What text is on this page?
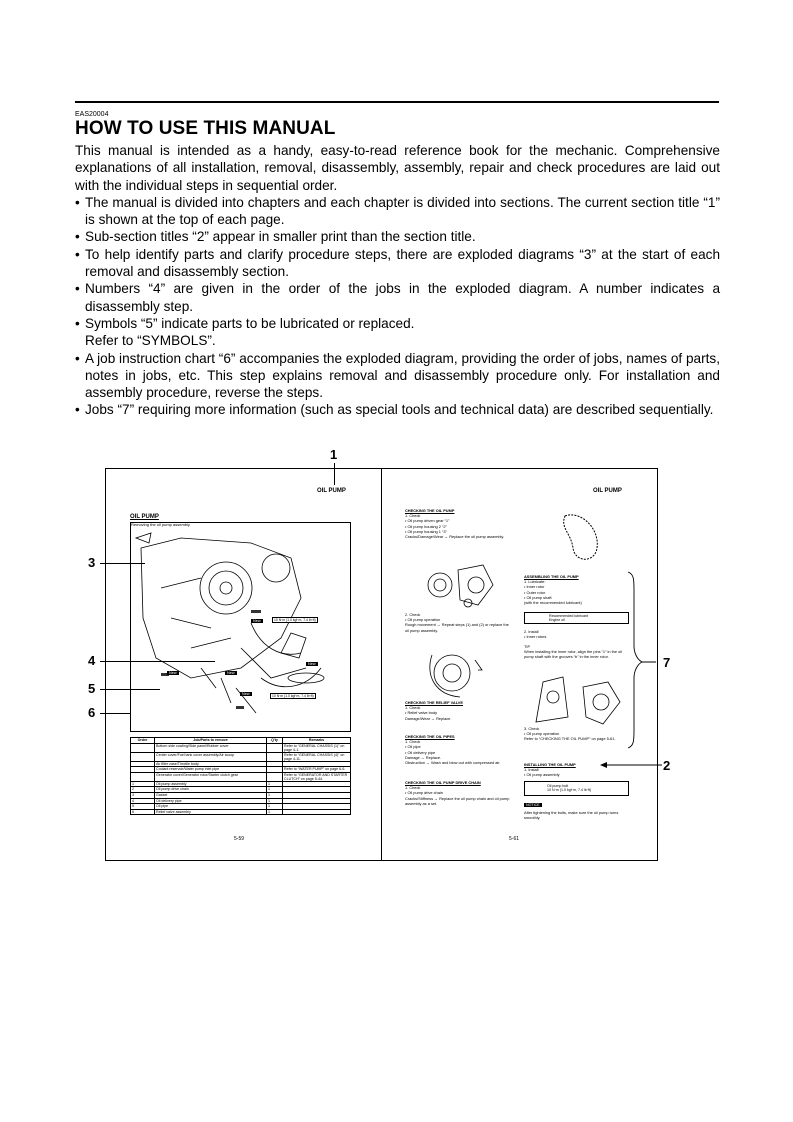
EAS20004
HOW TO USE THIS MANUAL

This manual is intended as a handy, easy-to-read reference book for the mechanic. Comprehensive explanations of all installation, removal, disassembly, assembly, repair and check procedures are laid out with the individual steps in sequential order.

• The manual is divided into chapters and each chapter is divided into sections. The current section title “1” is shown at the top of each page.

• Sub-section titles “2” appear in smaller print than the section title.

• To help identify parts and clarify procedure steps, there are exploded diagrams “3” at the start of each removal and disassembly section.

• Numbers “4” are given in the order of the jobs in the exploded diagram. A number indicates a disassembly step.

• Symbols “5” indicate parts to be lubricated or replaced.

Refer to “SYMBOLS”.

• A job instruction chart “6” accompanies the exploded diagram, providing the order of jobs, names of parts, notes in jobs, etc. This step explains removal and disassembly procedure only. For installation and assembly procedure, reverse the steps.

• Jobs “7” requiring more information (such as special tools and technical data) are described sequentially.

1
OIL PUMP
OIL PUMP
Removing the oil pump assembly
New
New	New
New
New
10 N·m (1.0 kgf·m, 7.4 lb·ft)
10 N·m (1.0 kgf·m, 7.4 lb·ft)
Order	Job/Parts to remove	Q'ty	Remarks
	Bottom side cowling/Side panel/Rubber cover		Refer to “GENERAL CHASSIS (1)” on page 4-1.
	Center cover/Fuel tank cover assembly/Air scoop		Refer to “GENERAL CHASSIS (4)” on page 4-11.
	Air filter case/Throttle body		
	Coolant reservoir/Water pump inlet pipe		Refer to “WATER PUMP” on page 6-6.
	Generator cover/Generator rotor/Starter clutch gear		Refer to “GENERATOR AND STARTER CLUTCH” on page 5-44.
1	Oil pump assembly	1	
2	Oil pump drive chain	1	
3	Gasket	1	
4	Oil delivery pipe	1	
5	Oil pipe	1	
6	Relief valve assembly	1	
5-59
3
4
5
6
OIL PUMP
CHECKING THE OIL PUMP
1. Check
• Oil pump driven gear “1”
• Oil pump housing 2 “2”
• Oil pump housing 1 “3”
Cracks/Damage/Wear → Replace the oil pump assembly.
2. Check
• Oil pump operation
Rough movement → Repeat steps (1) and (2) or replace the oil pump assembly.
CHECKING THE RELIEF VALVE
1. Check
• Relief valve body
Damage/Wear → Replace.
CHECKING THE OIL PIPES
1. Check
• Oil pipe
• Oil delivery pipe
Damage → Replace.
Obstruction → Wash and blow out with compressed air.
CHECKING THE OIL PUMP DRIVE CHAIN
1. Check
• Oil pump drive chain
Cracks/Stiffness → Replace the oil pump chain and oil pump assembly as a set.
ASSEMBLING THE OIL PUMP
1. Lubricate:
• Inner rotor
• Outer rotor
• Oil pump shaft
(with the recommended lubricant)
2. Install
• Inner rotors
TIP
When installing the inner rotor, align the pins “1” in the oil pump shaft with the grooves “b” in the inner rotor.
3. Check
• Oil pump operation
Refer to “CHECKING THE OIL PUMP” on page 5-61.
INSTALLING THE OIL PUMP
1. Install
• Oil pump assembly
Recommended lubricant
Engine oil
Oil pump bolt
10 N·m (1.0 kgf·m, 7.4 lb·ft)
NOTICE
After tightening the bolts, make sure the oil pump turns smoothly.
5-61
7
2
